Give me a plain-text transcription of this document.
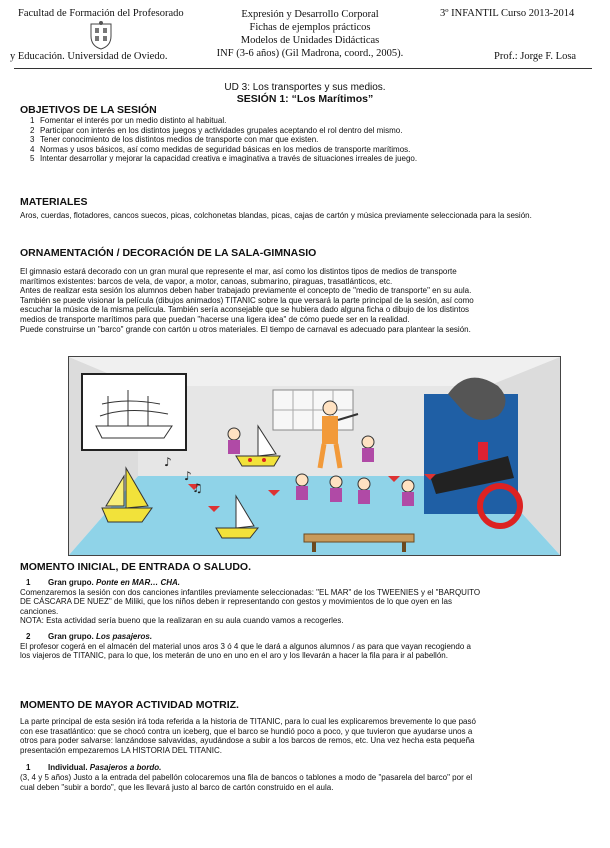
Facultad de Formación del Profesorado
y Educación. Universidad de Oviedo.
Expresión y Desarrollo Corporal
Fichas de ejemplos prácticos
Modelos de Unidades Didácticas
INF (3-6 años) (Gil Madrona, coord., 2005).
3º INFANTIL Curso 2013-2014
Prof.: Jorge F. Losa
UD 3: Los transportes y sus medios.
SESIÓN 1: “Los Marítimos”

OBJETIVOS DE LA SESIÓN

1 Fomentar el interés por un medio distinto al habitual.
2 Participar con interés en los distintos juegos y actividades grupales aceptando el rol dentro del mismo.
3 Tener conocimiento de los distintos medios de transporte con mar que existen.
4 Normas y usos básicos, así como medidas de seguridad básicas en los medios de transporte marítimos.
5 Intentar desarrollar y mejorar la capacidad creativa e imaginativa a través de situaciones irreales de juego.

MATERIALES

Aros, cuerdas, flotadores, cancos suecos, picas, colchonetas blandas, picas, cajas de cartón y música previamente seleccionada para la sesión.

ORNAMENTACIÓN / DECORACIÓN DE LA SALA-GIMNASIO

El gimnasio estará decorado con un gran mural que represente el mar, así como los distintos tipos de medios de transporte

marítimos existentes: barcos de vela, de vapor, a motor, canoas, submarino, piraguas, trasatlánticos, etc.

Antes de realizar esta sesión los alumnos deben haber trabajado previamente el concepto de "medio de transporte" en su aula.

También se puede visionar la película (dibujos animados) TITANIC sobre la que versará la parte principal de la sesión, así como

escuchar la música de la misma película. También sería aconsejable que se hubiera dado alguna ficha o dibujo de los distintos

medios de transporte marítimos para que puedan "hacerse una ligera idea" de cómo puede ser en la realidad.

Puede construirse un "barco" grande con cartón u otros materiales. El tiempo de carnaval es adecuado para plantear la sesión.

♪
♫
♪

MOMENTO INICIAL, DE ENTRADA O SALUDO.

1 Gran grupo. Ponte en MAR… CHA.

Comenzaremos la sesión con dos canciones infantiles previamente seleccionadas: "EL MAR" de los TWEENIES y el "BARQUITO

DE CÁSCARA DE NUEZ" de Miliki, que los niños deben ir representando con gestos y movimientos de lo que oyen en las

canciones.

NOTA: Esta actividad sería bueno que la realizaran en su aula cuando vamos a recogerles.

2 Gran grupo. Los pasajeros.

El profesor cogerá en el almacén del material unos aros 3 ó 4 que le dará a algunos alumnos / as para que vayan recogiendo a

los viajeros de TITANIC, para lo que, los meterán de uno en uno en el aro y los llevarán a hacer la fila para ir al pabellón.

MOMENTO DE MAYOR ACTIVIDAD MOTRIZ.

La parte principal de esta sesión irá toda referida a la historia de TITANIC, para lo cual les explicaremos brevemente lo que pasó

con ese trasatlántico: que se chocó contra un iceberg, que el barco se hundió poco a poco, y que tuvieron que ayudarse unos a

otros para poder salvarse: lanzándose salvavidas, ayudándose a subir a los barcos de remos, etc. Una vez hecha esta pequeña

presentación empezaremos LA HISTORIA DEL TITANIC.

1 Individual. Pasajeros a bordo.

(3, 4 y 5 años) Justo a la entrada del pabellón colocaremos una fila de bancos o tablones a modo de "pasarela del barco" por el

cual deben "subir a bordo", que les llevará justo al barco de cartón construido en el aula.
